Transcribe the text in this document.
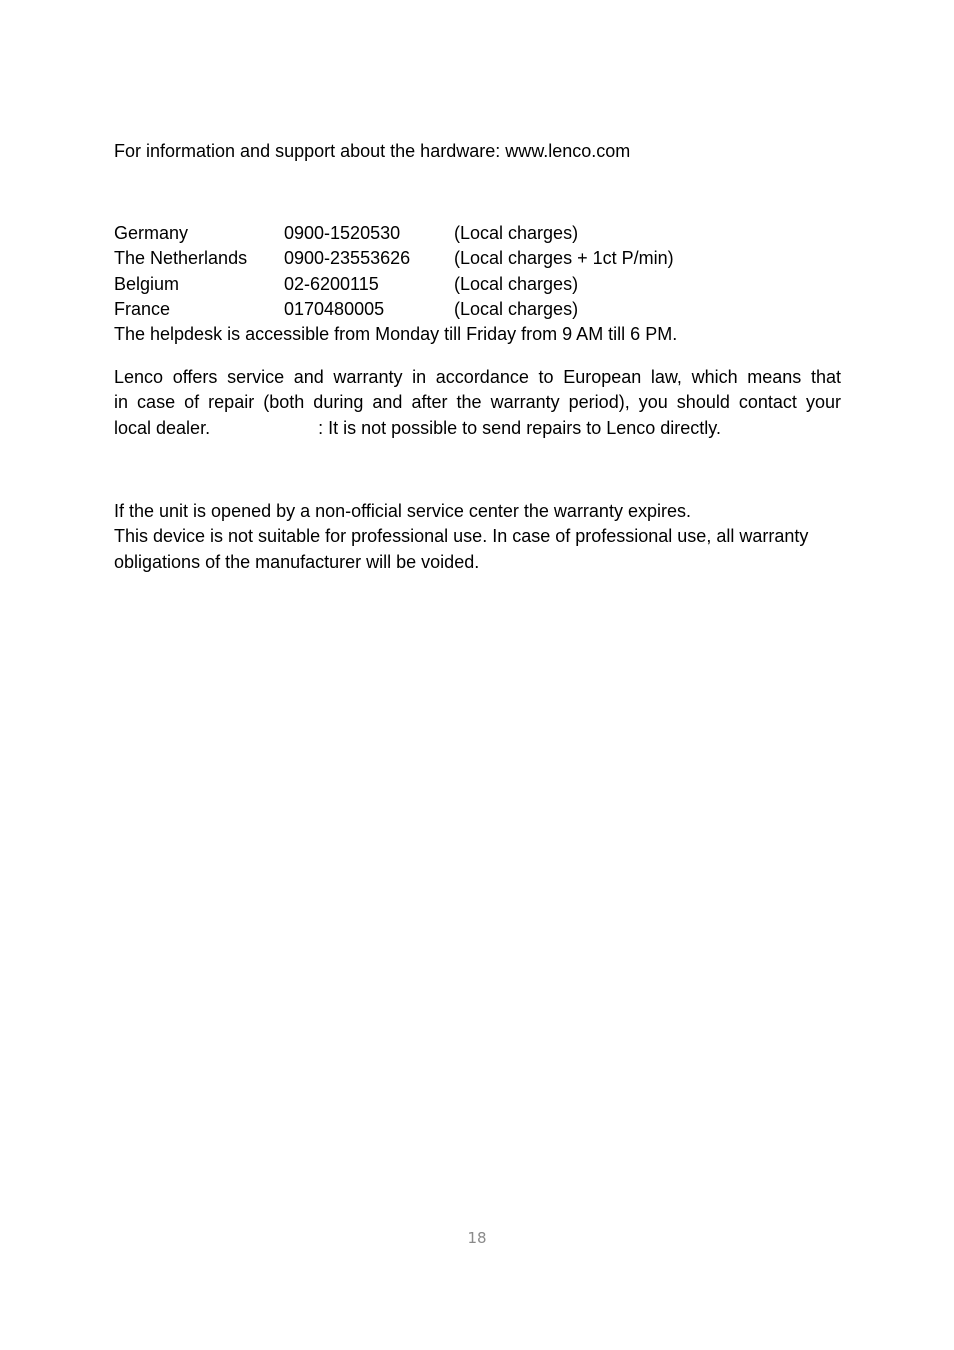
For information and support about the hardware: www.lenco.com
Germany	0900-1520530	(Local charges)
The Netherlands 0900-23553626 (Local charges + 1ct P/min)
Belgium	02-6200115	(Local charges)
France	0170480005	(Local charges)
The helpdesk is accessible from Monday till Friday from 9 AM till 6 PM.
Lenco offers service and warranty in accordance to European law, which means that
in case of repair (both during and after the warranty period), you should contact your
local dealer.	: It is not possible to send repairs to Lenco directly.
If the unit is opened by a non-official service center the warranty expires.
This device is not suitable for professional use. In case of professional use, all warranty
obligations of the manufacturer will be voided.
18
